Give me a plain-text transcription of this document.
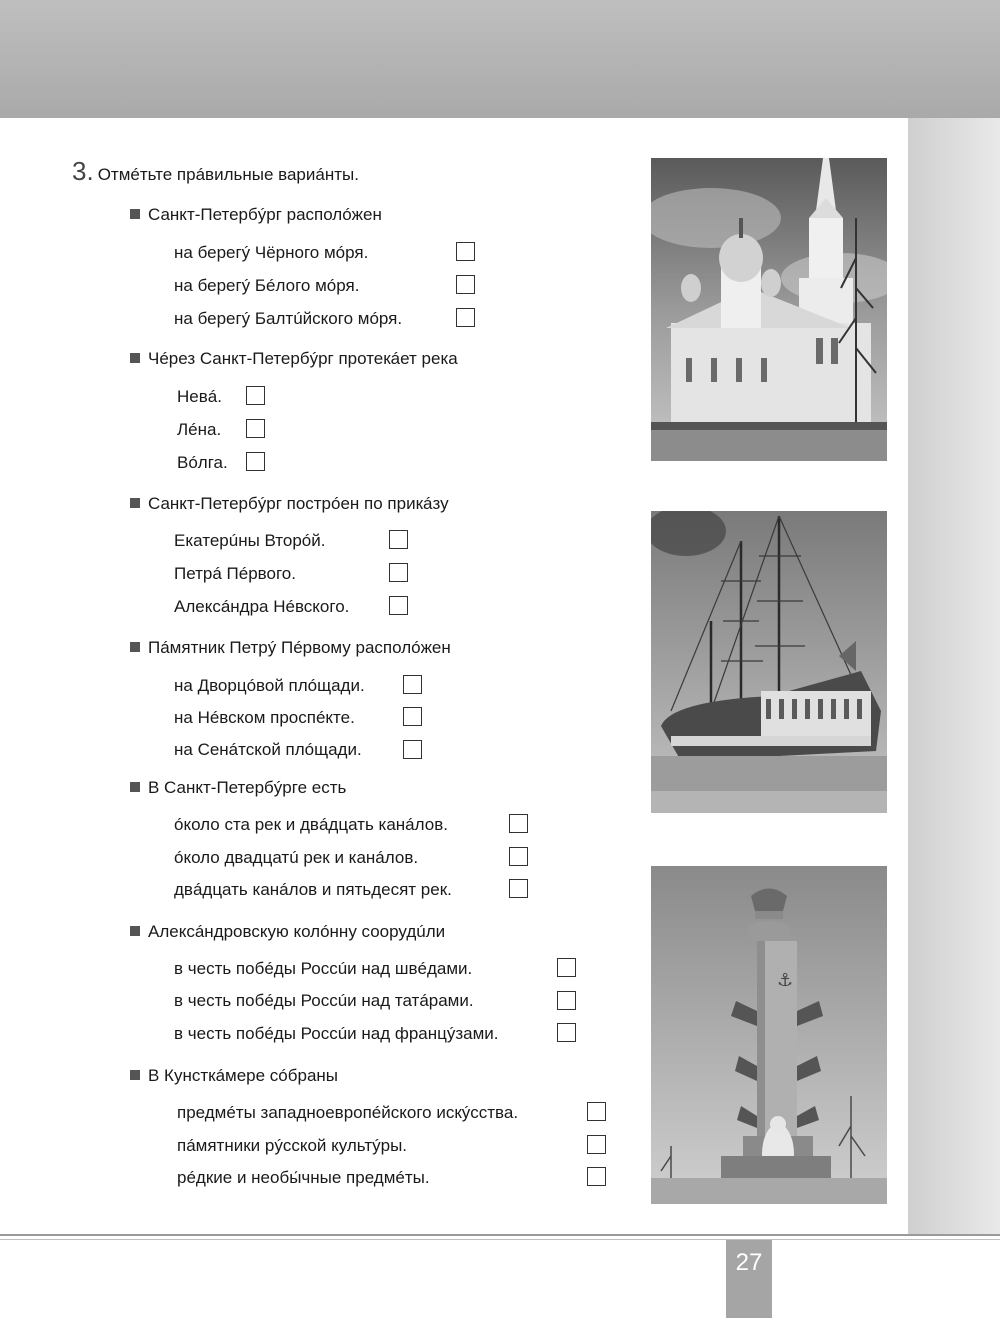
3. Отмéтьте прáвильные вариáнты.
Санкт-Петербýрг располóжен
на берегý Чёрного мóря.
на берегý Бéлого мóря.
на берегý Балтúйского мóря.
Чéрез Санкт-Петербýрг протекáет река
Невá.
Лéна.
Вóлга.
Санкт-Петербýрг пострóен по прикáзу
Екатерúны Вторóй.
Петрá Пéрвого.
Алексáндра Нéвского.
Пáмятник Петрý Пéрвому располóжен
на Дворцóвой плóщади.
на Нéвском проспéкте.
на Сенáтской плóщади.
В Санкт-Петербýрге есть
óколо ста рек и двáдцать канáлов.
óколо двадцатú рек и канáлов.
двáдцать канáлов и пятьдесят рек.
Алексáндровскую колóнну соорудúли
в честь побéды Россúи над швéдами.
в честь побéды Россúи над татáрами.
в честь побéды Россúи над францýзами.
В Кунсткáмере сóбраны
предмéты западноевропéйского искýсства.
пáмятники рýсской культýры.
рéдкие и необы́чные предмéты.
⚓
27
